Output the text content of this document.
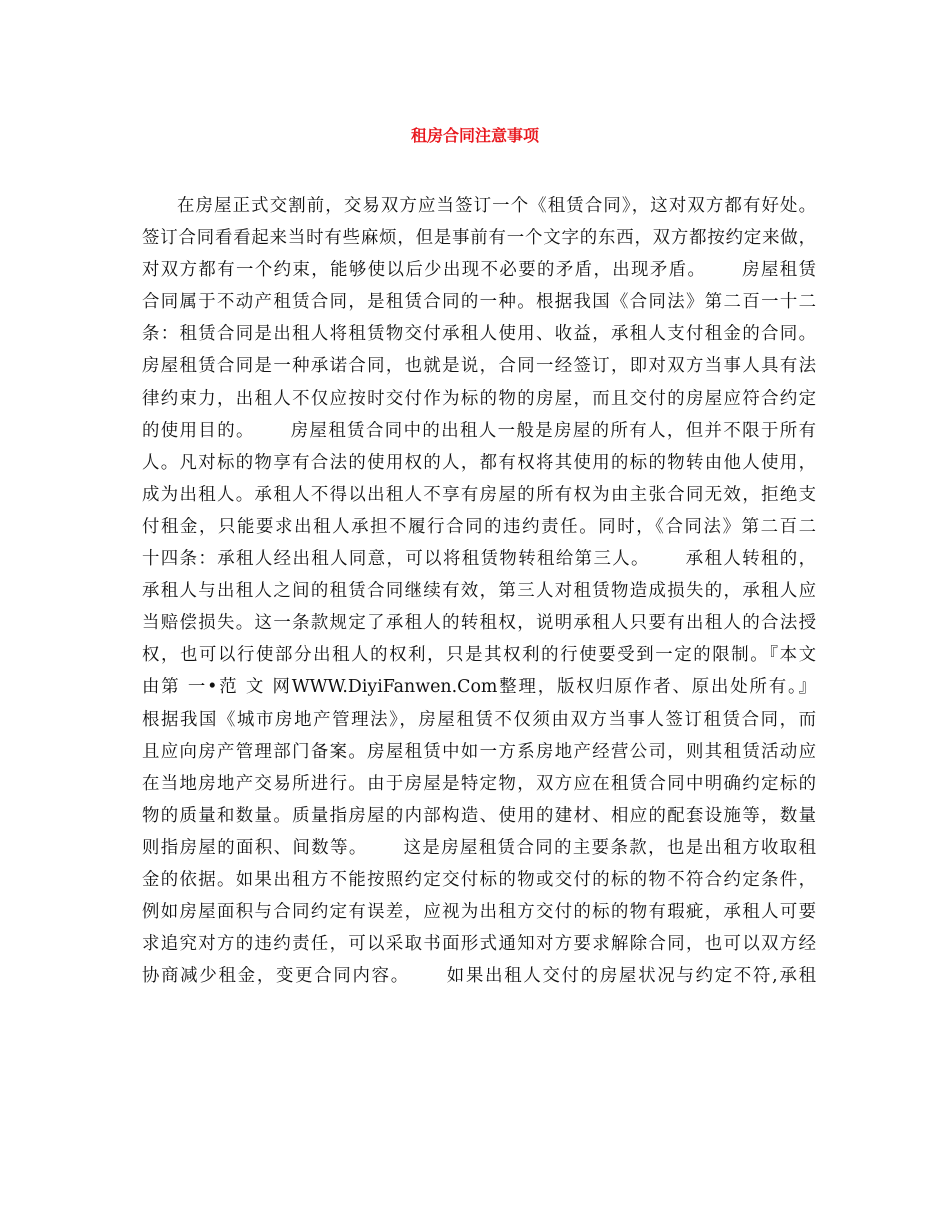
租房合同注意事项
在房屋正式交割前，交易双方应当签订一个《租赁合同》，这对双方都有好处。
签订合同看看起来当时有些麻烦，但是事前有一个文字的东西，双方都按约定来做，
对双方都有一个约束，能够使以后少出现不必要的矛盾，出现矛盾。　　 房屋租赁
合同属于不动产租赁合同，是租赁合同的一种。根据我国《合同法》第二百一十二
条：租赁合同是出租人将租赁物交付承租人使用、收益，承租人支付租金的合同。
房屋租赁合同是一种承诺合同，也就是说，合同一经签订，即对双方当事人具有法
律约束力，出租人不仅应按时交付作为标的物的房屋，而且交付的房屋应符合约定
的使用目的。　　 房屋租赁合同中的出租人一般是房屋的所有人，但并不限于所有
人。凡对标的物享有合法的使用权的人，都有权将其使用的标的物转由他人使用，
成为出租人。承租人不得以出租人不享有房屋的所有权为由主张合同无效，拒绝支
付租金，只能要求出租人承担不履行合同的违约责任。同时，《合同法》第二百二
十四条：承租人经出租人同意，可以将租赁物转租给第三人。　　 承租人转租的，
承租人与出租人之间的租赁合同继续有效，第三人对租赁物造成损失的，承租人应
当赔偿损失。这一条款规定了承租人的转租权，说明承租人只要有出租人的合法授
权，也可以行使部分出租人的权利，只是其权利的行使要受到一定的限制。『本文
由第 一•范 文 网WWW.DiyiFanwen.Com整理，版权归原作者、原出处所有。』
根据我国《城市房地产管理法》，房屋租赁不仅须由双方当事人签订租赁合同，而
且应向房产管理部门备案。房屋租赁中如一方系房地产经营公司，则其租赁活动应
在当地房地产交易所进行。由于房屋是特定物，双方应在租赁合同中明确约定标的
物的质量和数量。质量指房屋的内部构造、使用的建材、相应的配套设施等，数量
则指房屋的面积、间数等。　　 这是房屋租赁合同的主要条款，也是出租方收取租
金的依据。如果出租方不能按照约定交付标的物或交付的标的物不符合约定条件，
例如房屋面积与合同约定有误差，应视为出租方交付的标的物有瑕疵，承租人可要
求追究对方的违约责任，可以采取书面形式通知对方要求解除合同，也可以双方经
协商减少租金，变更合同内容。　　 如果出租人交付的房屋状况与约定不符,承租
